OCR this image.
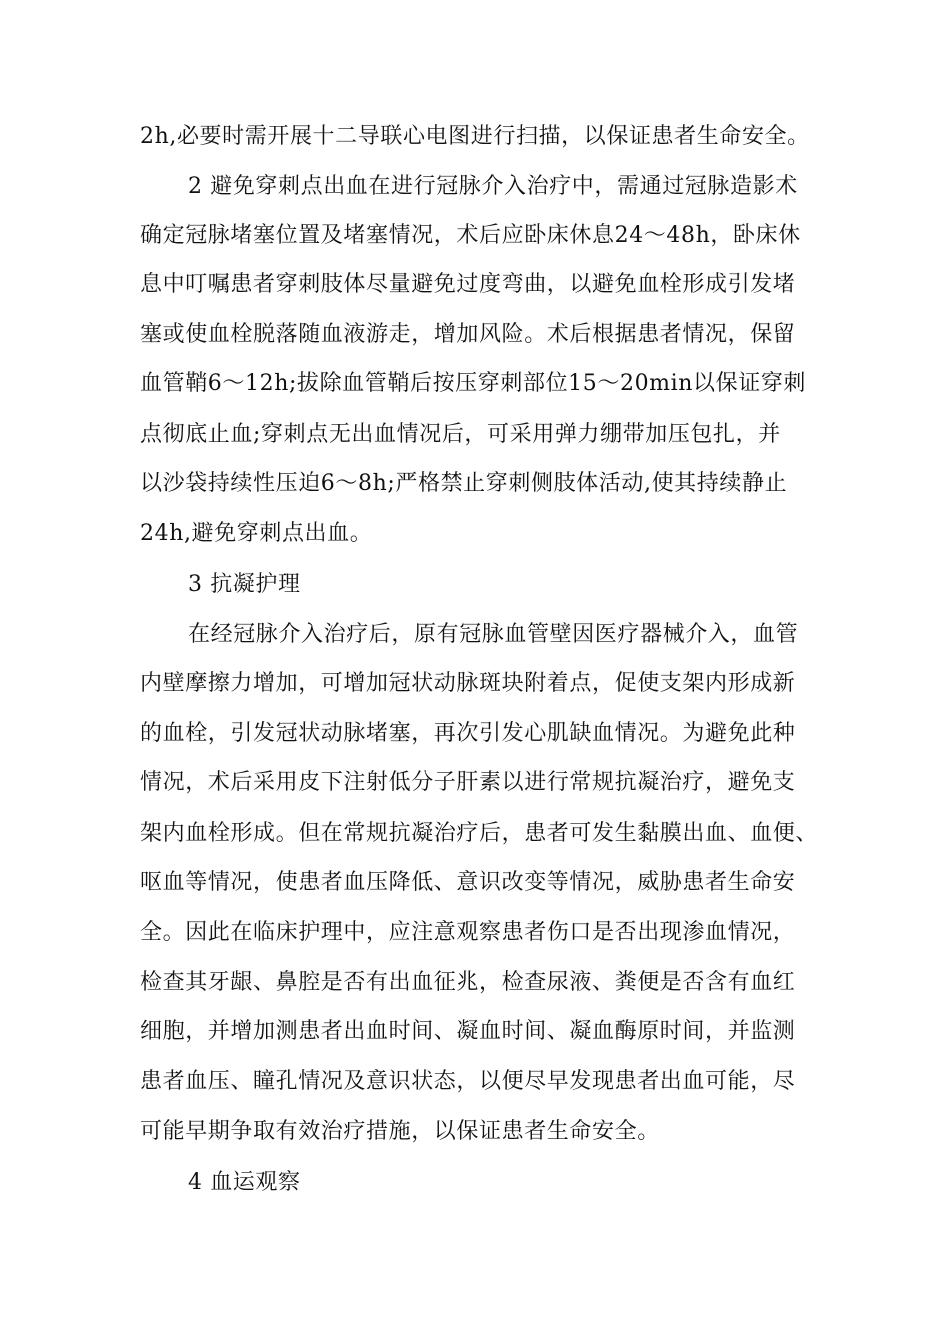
2h,必要时需开展十二导联心电图进行扫描，以保证患者生命安全。
2 避免穿刺点出血在进行冠脉介入治疗中，需通过冠脉造影术
确定冠脉堵塞位置及堵塞情况，术后应卧床休息24～48h，卧床休
息中叮嘱患者穿刺肢体尽量避免过度弯曲，以避免血栓形成引发堵
塞或使血栓脱落随血液游走，增加风险。术后根据患者情况，保留
血管鞘6～12h;拔除血管鞘后按压穿刺部位15～20min以保证穿刺
点彻底止血;穿刺点无出血情况后，可采用弹力绷带加压包扎，并
以沙袋持续性压迫6～8h;严格禁止穿刺侧肢体活动,使其持续静止
24h,避免穿刺点出血。
3 抗凝护理
在经冠脉介入治疗后，原有冠脉血管壁因医疗器械介入，血管
内壁摩擦力增加，可增加冠状动脉斑块附着点，促使支架内形成新
的血栓，引发冠状动脉堵塞，再次引发心肌缺血情况。为避免此种
情况，术后采用皮下注射低分子肝素以进行常规抗凝治疗，避免支
架内血栓形成。但在常规抗凝治疗后，患者可发生黏膜出血、血便、
呕血等情况，使患者血压降低、意识改变等情况，威胁患者生命安
全。因此在临床护理中，应注意观察患者伤口是否出现渗血情况，
检查其牙龈、鼻腔是否有出血征兆，检查尿液、粪便是否含有血红
细胞，并增加测患者出血时间、凝血时间、凝血酶原时间，并监测
患者血压、瞳孔情况及意识状态，以便尽早发现患者出血可能，尽
可能早期争取有效治疗措施，以保证患者生命安全。
4 血运观察
